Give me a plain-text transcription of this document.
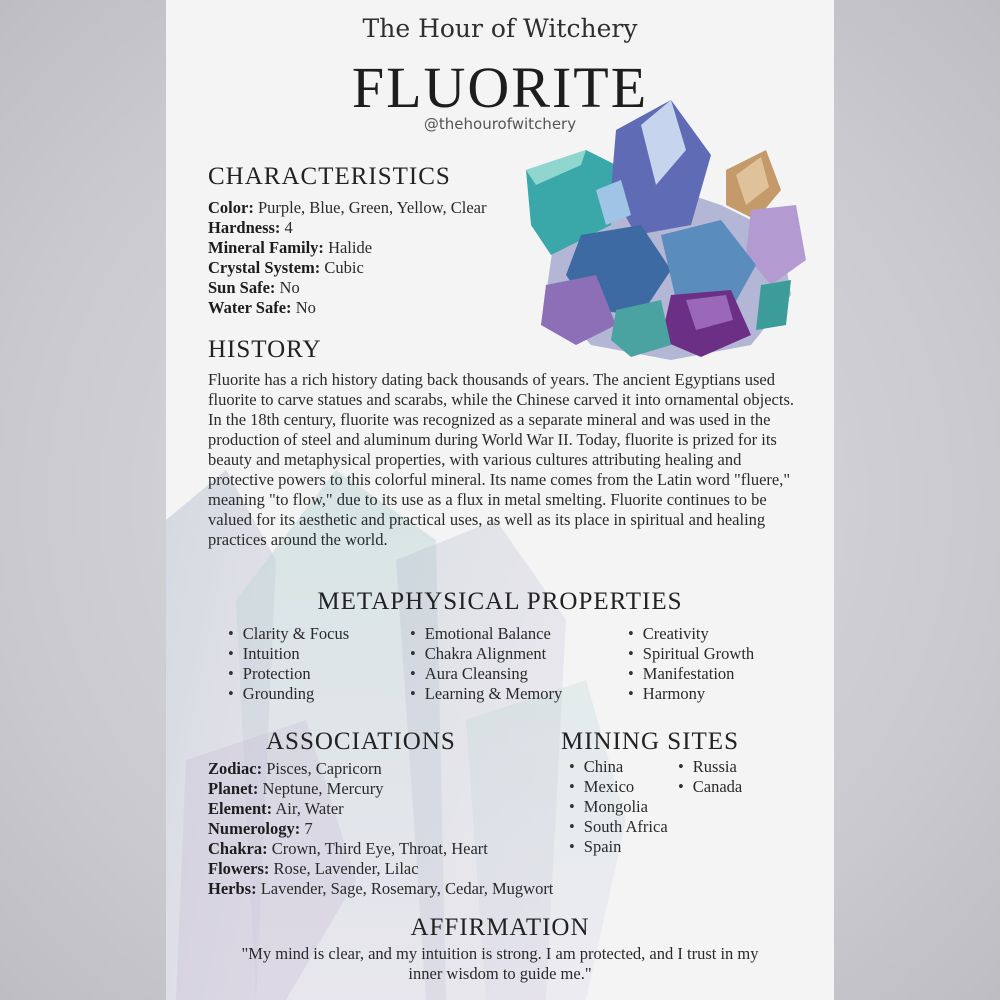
The Hour of Witchery
FLUORITE
@thehourofwitchery
CHARACTERISTICS
Color: Purple, Blue, Green, Yellow, Clear
Hardness: 4
Mineral Family: Halide
Crystal System: Cubic
Sun Safe: No
Water Safe: No
HISTORY
Fluorite has a rich history dating back thousands of years. The ancient Egyptians used fluorite to carve statues and scarabs, while the Chinese carved it into ornamental objects. In the 18th century, fluorite was recognized as a separate mineral and was used in the production of steel and aluminum during World War II. Today, fluorite is prized for its beauty and metaphysical properties, with various cultures attributing healing and protective powers to this colorful mineral. Its name comes from the Latin word "fluere," meaning "to flow," due to its use as a flux in metal smelting. Fluorite continues to be valued for its aesthetic and practical uses, as well as its place in spiritual and healing practices around the world.
METAPHYSICAL PROPERTIES
• Clarity & Focus
• Intuition
• Protection
• Grounding
• Emotional Balance
• Chakra Alignment
• Aura Cleansing
• Learning & Memory
• Creativity
• Spiritual Growth
• Manifestation
• Harmony
ASSOCIATIONS
Zodiac: Pisces, Capricorn
Planet: Neptune, Mercury
Element: Air, Water
Numerology: 7
Chakra: Crown, Third Eye, Throat, Heart
Flowers: Rose, Lavender, Lilac
Herbs: Lavender, Sage, Rosemary, Cedar, Mugwort
MINING SITES
• China
• Mexico
• Mongolia
• South Africa
• Spain
• Russia
• Canada
AFFIRMATION
"My mind is clear, and my intuition is strong. I am protected, and I trust in my inner wisdom to guide me."
